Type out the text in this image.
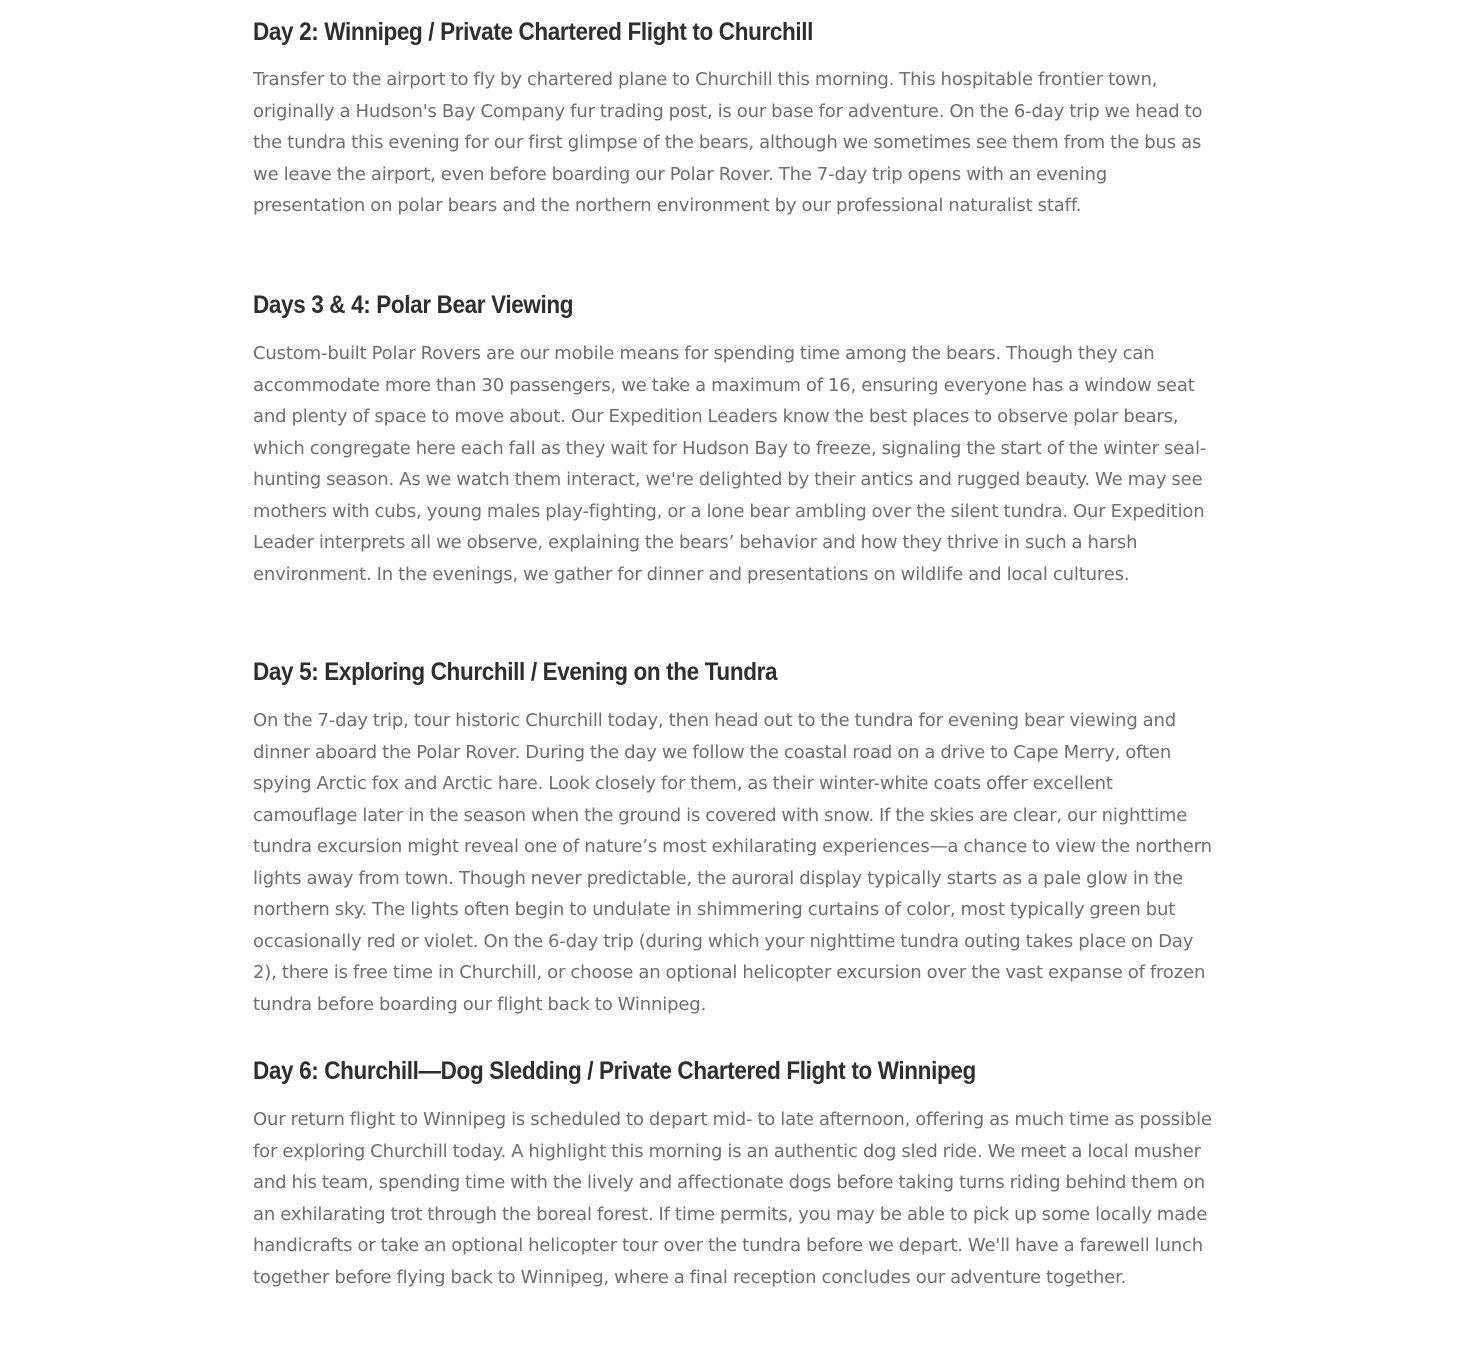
Day 2: Winnipeg / Private Chartered Flight to Churchill

Transfer to the airport to fly by chartered plane to Churchill this morning. This hospitable frontier town, originally a Hudson's Bay Company fur trading post, is our base for adventure. On the 6-day trip we head to the tundra this evening for our first glimpse of the bears, although we sometimes see them from the bus as we leave the airport, even before boarding our Polar Rover. The 7-day trip opens with an evening presentation on polar bears and the northern environment by our professional naturalist staff.

Days 3 & 4: Polar Bear Viewing

Custom-built Polar Rovers are our mobile means for spending time among the bears. Though they can accommodate more than 30 passengers, we take a maximum of 16, ensuring everyone has a window seat and plenty of space to move about. Our Expedition Leaders know the best places to observe polar bears, which congregate here each fall as they wait for Hudson Bay to freeze, signaling the start of the winter seal-hunting season. As we watch them interact, we're delighted by their antics and rugged beauty. We may see mothers with cubs, young males play-fighting, or a lone bear ambling over the silent tundra. Our Expedition Leader interprets all we observe, explaining the bears’ behavior and how they thrive in such a harsh environment. In the evenings, we gather for dinner and presentations on wildlife and local cultures.

Day 5: Exploring Churchill / Evening on the Tundra

On the 7-day trip, tour historic Churchill today, then head out to the tundra for evening bear viewing and dinner aboard the Polar Rover. During the day we follow the coastal road on a drive to Cape Merry, often spying Arctic fox and Arctic hare. Look closely for them, as their winter-white coats offer excellent camouflage later in the season when the ground is covered with snow. If the skies are clear, our nighttime tundra excursion might reveal one of nature’s most exhilarating experiences—a chance to view the northern lights away from town. Though never predictable, the auroral display typically starts as a pale glow in the northern sky. The lights often begin to undulate in shimmering curtains of color, most typically green but occasionally red or violet. On the 6-day trip (during which your nighttime tundra outing takes place on Day 2), there is free time in Churchill, or choose an optional helicopter excursion over the vast expanse of frozen tundra before boarding our flight back to Winnipeg.

Day 6: Churchill—Dog Sledding / Private Chartered Flight to Winnipeg

Our return flight to Winnipeg is scheduled to depart mid- to late afternoon, offering as much time as possible for exploring Churchill today. A highlight this morning is an authentic dog sled ride. We meet a local musher and his team, spending time with the lively and affectionate dogs before taking turns riding behind them on an exhilarating trot through the boreal forest. If time permits, you may be able to pick up some locally made handicrafts or take an optional helicopter tour over the tundra before we depart. We'll have a farewell lunch together before flying back to Winnipeg, where a final reception concludes our adventure together.
